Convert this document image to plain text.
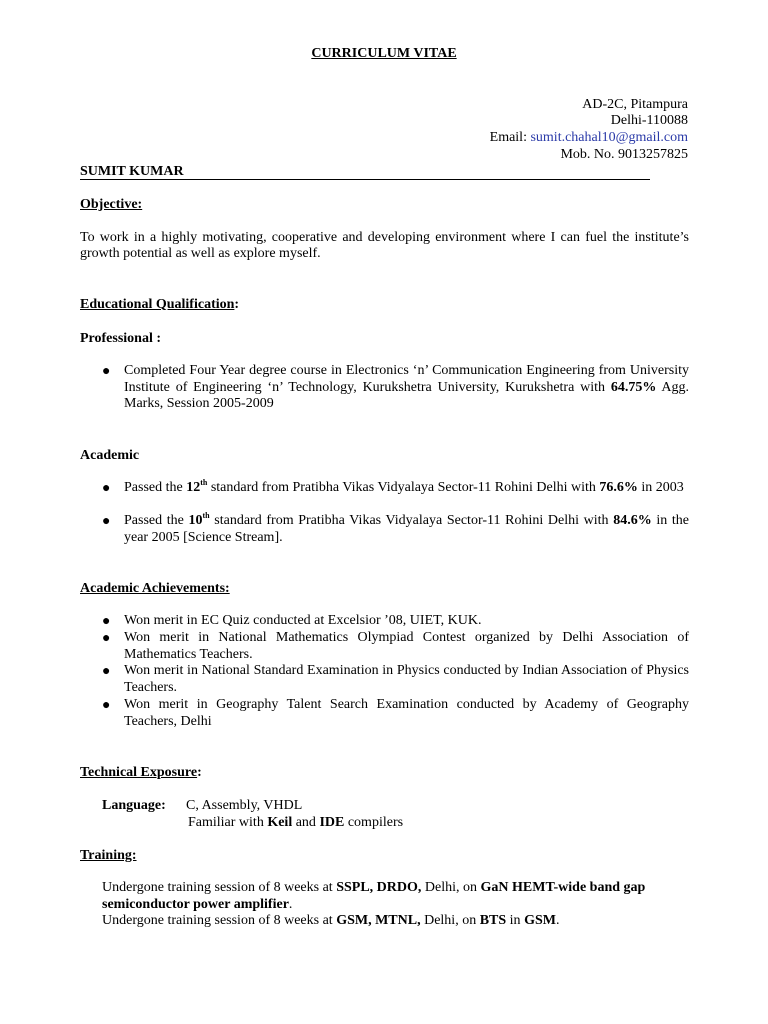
CURRICULUM VITAE
AD-2C, Pitampura
Delhi-110088
Email: sumit.chahal10@gmail.com
Mob. No. 9013257825
SUMIT KUMAR
Objective:
To work in a highly motivating, cooperative and developing environment where I can fuel the institute’s growth potential as well as explore myself.
Educational Qualification:
Professional :
● Completed Four Year degree course in Electronics ‘n’ Communication Engineering from University Institute of Engineering ‘n’ Technology, Kurukshetra University, Kurukshetra with 64.75% Agg. Marks, Session 2005-2009
Academic
● Passed the 12th standard from Pratibha Vikas Vidyalaya Sector-11 Rohini Delhi with 76.6% in 2003
● Passed the 10th standard from Pratibha Vikas Vidyalaya Sector-11 Rohini Delhi with 84.6% in the year 2005 [Science Stream].
Academic Achievements:
● Won merit in EC Quiz conducted at Excelsior ’08, UIET, KUK.
● Won merit in National Mathematics Olympiad Contest organized by Delhi Association of Mathematics Teachers.
● Won merit in National Standard Examination in Physics conducted by Indian Association of Physics Teachers.
● Won merit in Geography Talent Search Examination conducted by Academy of Geography Teachers, Delhi
Technical Exposure:
Language: C, Assembly, VHDL
Familiar with Keil and IDE compilers
Training:
Undergone training session of 8 weeks at SSPL, DRDO, Delhi, on GaN HEMT-wide band gap semiconductor power amplifier.
Undergone training session of 8 weeks at GSM, MTNL, Delhi, on BTS in GSM.
